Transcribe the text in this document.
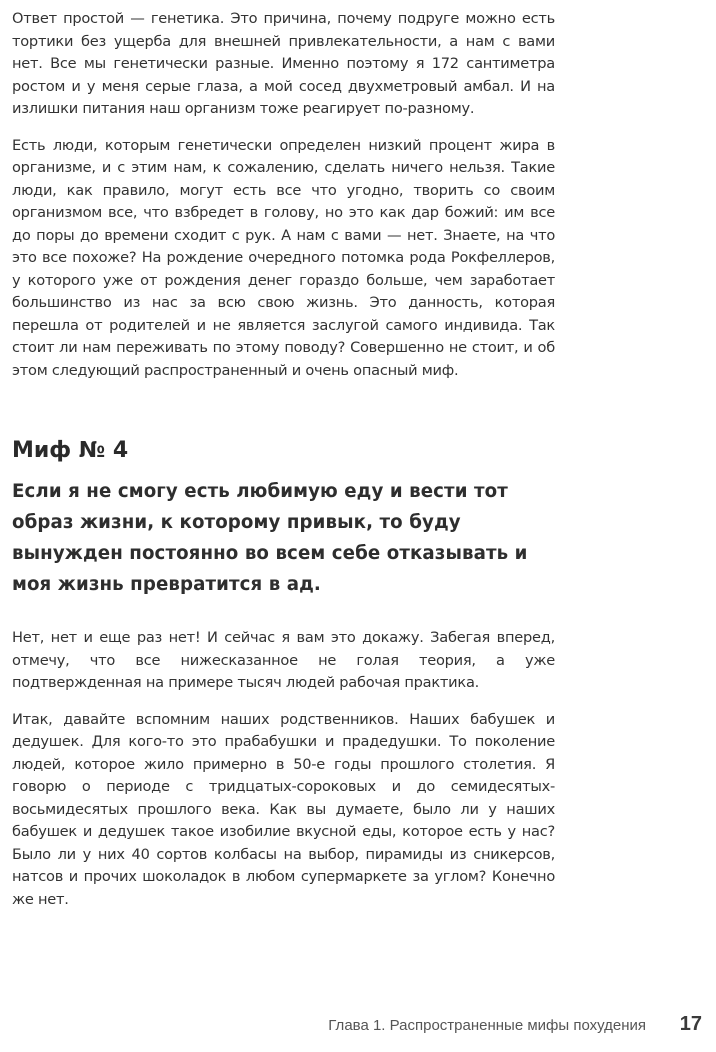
Ответ простой — генетика. Это причина, почему подруге можно есть тортики без ущерба для внешней привлекательности, а нам с вами нет. Все мы генетически разные. Именно поэтому я 172 сантиметра ростом и у меня серые глаза, а мой сосед двухметровый амбал. И на излишки питания наш организм тоже реагирует по-разному.

Есть люди, которым генетически определен низкий процент жира в организме, и с этим нам, к сожалению, сделать ничего нельзя. Такие люди, как правило, могут есть все что угодно, творить со своим организмом все, что взбредет в голову, но это как дар божий: им все до поры до времени сходит с рук. А нам с вами — нет. Знаете, на что это все похоже? На рождение очередного потомка рода Рокфеллеров, у которого уже от рождения денег гораздо больше, чем заработает большинство из нас за всю свою жизнь. Это данность, которая перешла от родителей и не является заслугой самого индивида. Так стоит ли нам переживать по этому поводу? Совершенно не стоит, и об этом следующий распространенный и очень опасный миф.

Миф № 4

Если я не смогу есть любимую еду и вести тот образ жизни, к которому привык, то буду вынужден постоянно во всем себе отказывать и моя жизнь превратится в ад.

Нет, нет и еще раз нет! И сейчас я вам это докажу. Забегая вперед, отмечу, что все нижесказанное не голая теория, а уже подтвержденная на примере тысяч людей рабочая практика.

Итак, давайте вспомним наших родственников. Наших бабушек и дедушек. Для кого-то это прабабушки и прадедушки. То поколение людей, которое жило примерно в 50-е годы прошлого столетия. Я говорю о периоде с тридцатых-сороковых и до семидесятых-восьмидесятых прошлого века. Как вы думаете, было ли у наших бабушек и дедушек такое изобилие вкусной еды, которое есть у нас? Было ли у них 40 сортов колбасы на выбор, пирамиды из сникерсов, натсов и прочих шоколадок в любом супермаркете за углом? Конечно же нет.

Глава 1. Распространенные мифы похудения 17
